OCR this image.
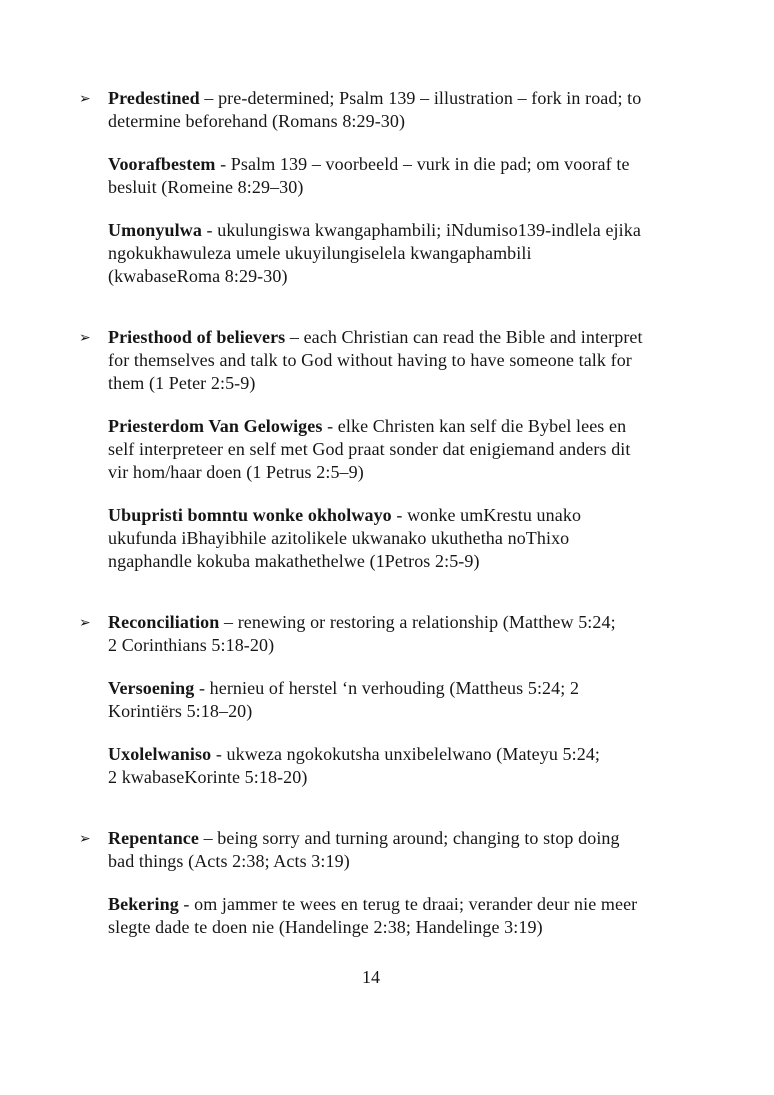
➢ Predestined – pre-determined; Psalm 139 – illustration – fork in road; to
determine beforehand (Romans 8:29-30)

Voorafbestem - Psalm 139 – voorbeeld – vurk in die pad; om vooraf te
besluit (Romeine 8:29–30)

Umonyulwa - ukulungiswa kwangaphambili; iNdumiso139-indlela ejika
ngokukhawuleza umele ukuyilungiselela kwangaphambili
(kwabaseRoma 8:29-30)

➢ Priesthood of believers – each Christian can read the Bible and interpret
for themselves and talk to God without having to have someone talk for
them (1 Peter 2:5-9)

Priesterdom Van Gelowiges - elke Christen kan self die Bybel lees en
self interpreteer en self met God praat sonder dat enigiemand anders dit
vir hom/haar doen (1 Petrus 2:5–9)

Ubupristi bomntu wonke okholwayo - wonke umKrestu unako
ukufunda iBhayibhile azitolikele ukwanako ukuthetha noThixo
ngaphandle kokuba makathethelwe (1Petros 2:5-9)

➢ Reconciliation – renewing or restoring a relationship (Matthew 5:24;
2 Corinthians 5:18-20)

Versoening - hernieu of herstel ‘n verhouding (Mattheus 5:24; 2
Korintiërs 5:18–20)

Uxolelwaniso - ukweza ngokokutsha unxibelelwano (Mateyu 5:24;
2 kwabaseKorinte 5:18-20)

➢ Repentance – being sorry and turning around; changing to stop doing
bad things (Acts 2:38; Acts 3:19)

Bekering - om jammer te wees en terug te draai; verander deur nie meer
slegte dade te doen nie (Handelinge 2:38; Handelinge 3:19)

14
